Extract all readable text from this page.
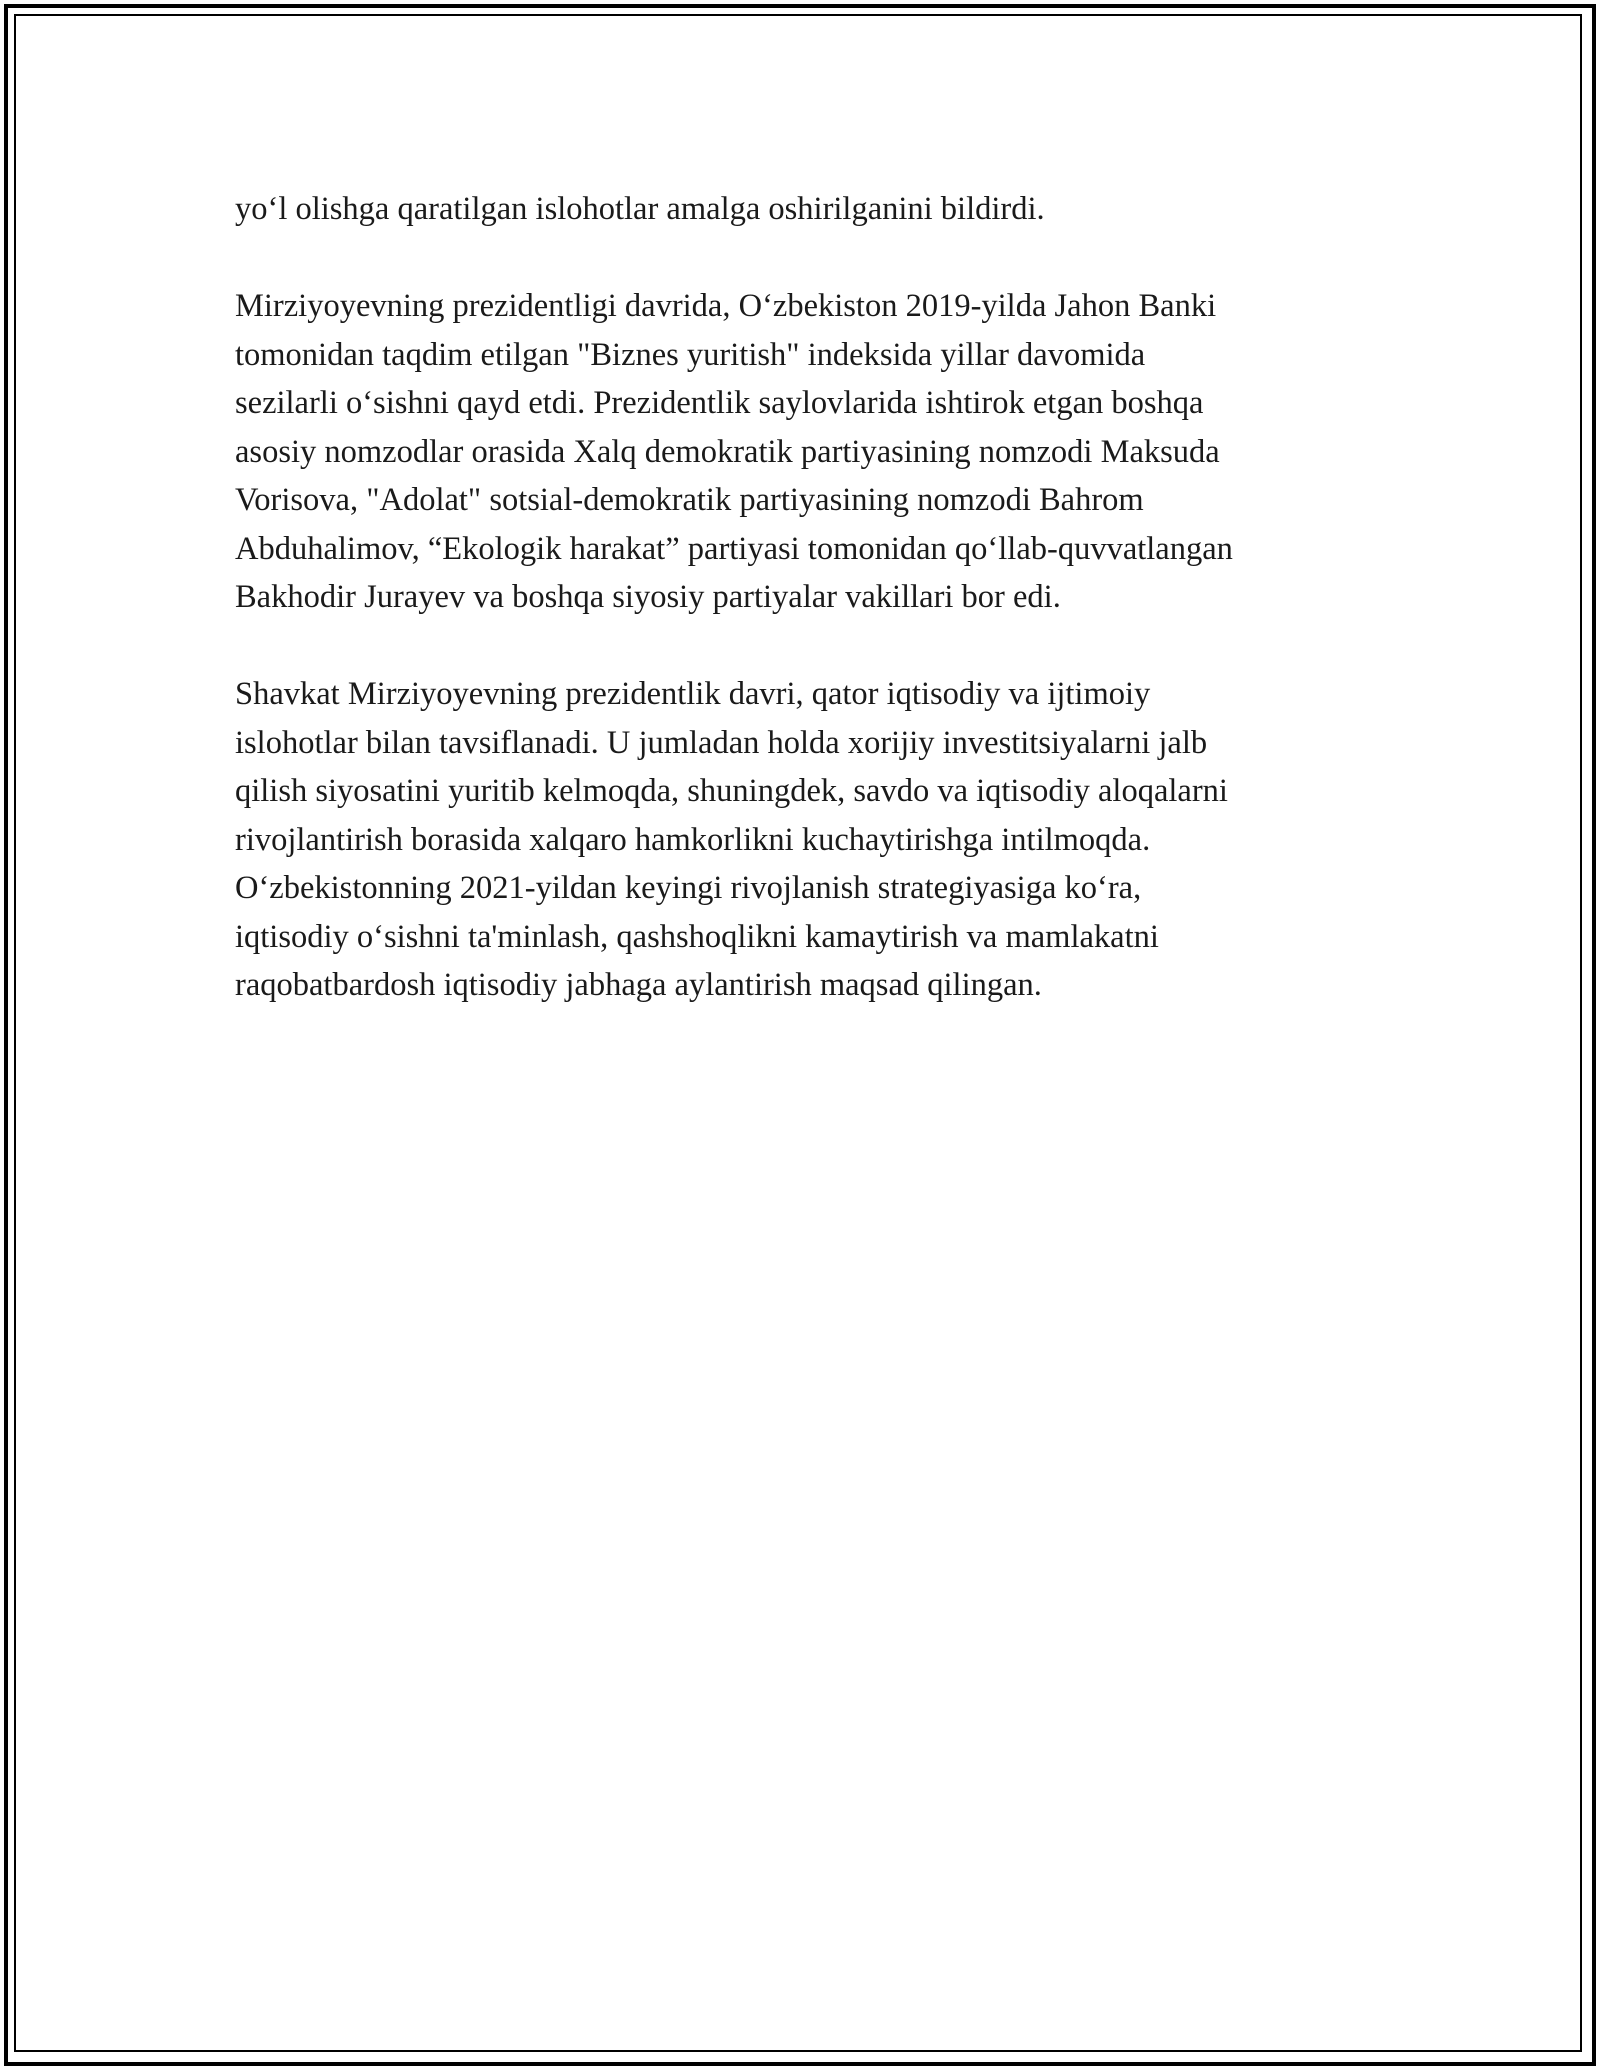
yo‘l olishga qaratilgan islohotlar amalga oshirilganini bildirdi.

Mirziyoyevning prezidentligi davrida, O‘zbekiston 2019-yilda Jahon Banki
tomonidan taqdim etilgan "Biznes yuritish" indeksida yillar davomida
sezilarli o‘sishni qayd etdi. Prezidentlik saylovlarida ishtirok etgan boshqa
asosiy nomzodlar orasida Xalq demokratik partiyasining nomzodi Maksuda
Vorisova, "Adolat" sotsial-demokratik partiyasining nomzodi Bahrom
Abduhalimov, “Ekologik harakat” partiyasi tomonidan qo‘llab-quvvatlangan
Bakhodir Jurayev va boshqa siyosiy partiyalar vakillari bor edi.

Shavkat Mirziyoyevning prezidentlik davri, qator iqtisodiy va ijtimoiy
islohotlar bilan tavsiflanadi. U jumladan holda xorijiy investitsiyalarni jalb
qilish siyosatini yuritib kelmoqda, shuningdek, savdo va iqtisodiy aloqalarni
rivojlantirish borasida xalqaro hamkorlikni kuchaytirishga intilmoqda.
O‘zbekistonning 2021-yildan keyingi rivojlanish strategiyasiga ko‘ra,
iqtisodiy o‘sishni ta'minlash, qashshoqlikni kamaytirish va mamlakatni
raqobatbardosh iqtisodiy jabhaga aylantirish maqsad qilingan.
